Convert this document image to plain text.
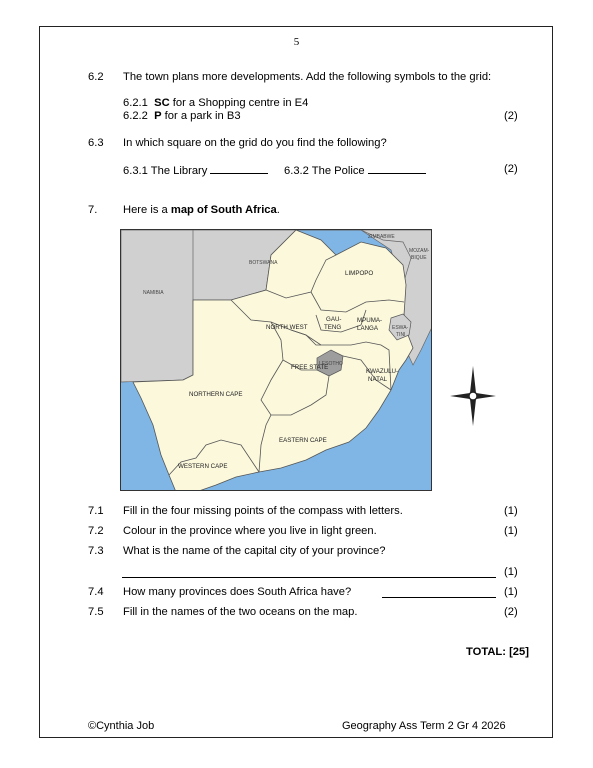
5
6.2 The town plans more developments. Add the following symbols to the grid:
6.2.1 SC for a Shopping centre in E4
6.2.2 P for a park in B3	(2)
6.3 In which square on the grid do you find the following?
6.3.1 The Library	6.3.2 The Police	(2)
7. Here is a map of South Africa.
ZIMBABWE
BOTSWANA
NAMIBIA
MOZAM-
BIQUE
ESWA-
TINI
LESOTHO
LIMPOPO
NORTH WEST
GAU-
TENG
MPUMA-
LANGA
FREE STATE
KWAZULU-
NATAL
NORTHERN CAPE
EASTERN CAPE
WESTERN CAPE
7.1 Fill in the four missing points of the compass with letters.	(1)
7.2 Colour in the province where you live in light green.	(1)
7.3 What is the name of the capital city of your province?
(1)
7.4 How many provinces does South Africa have?	(1)
7.5 Fill in the names of the two oceans on the map.	(2)
TOTAL: [25]
©Cynthia Job	Geography Ass Term 2 Gr 4 2026
